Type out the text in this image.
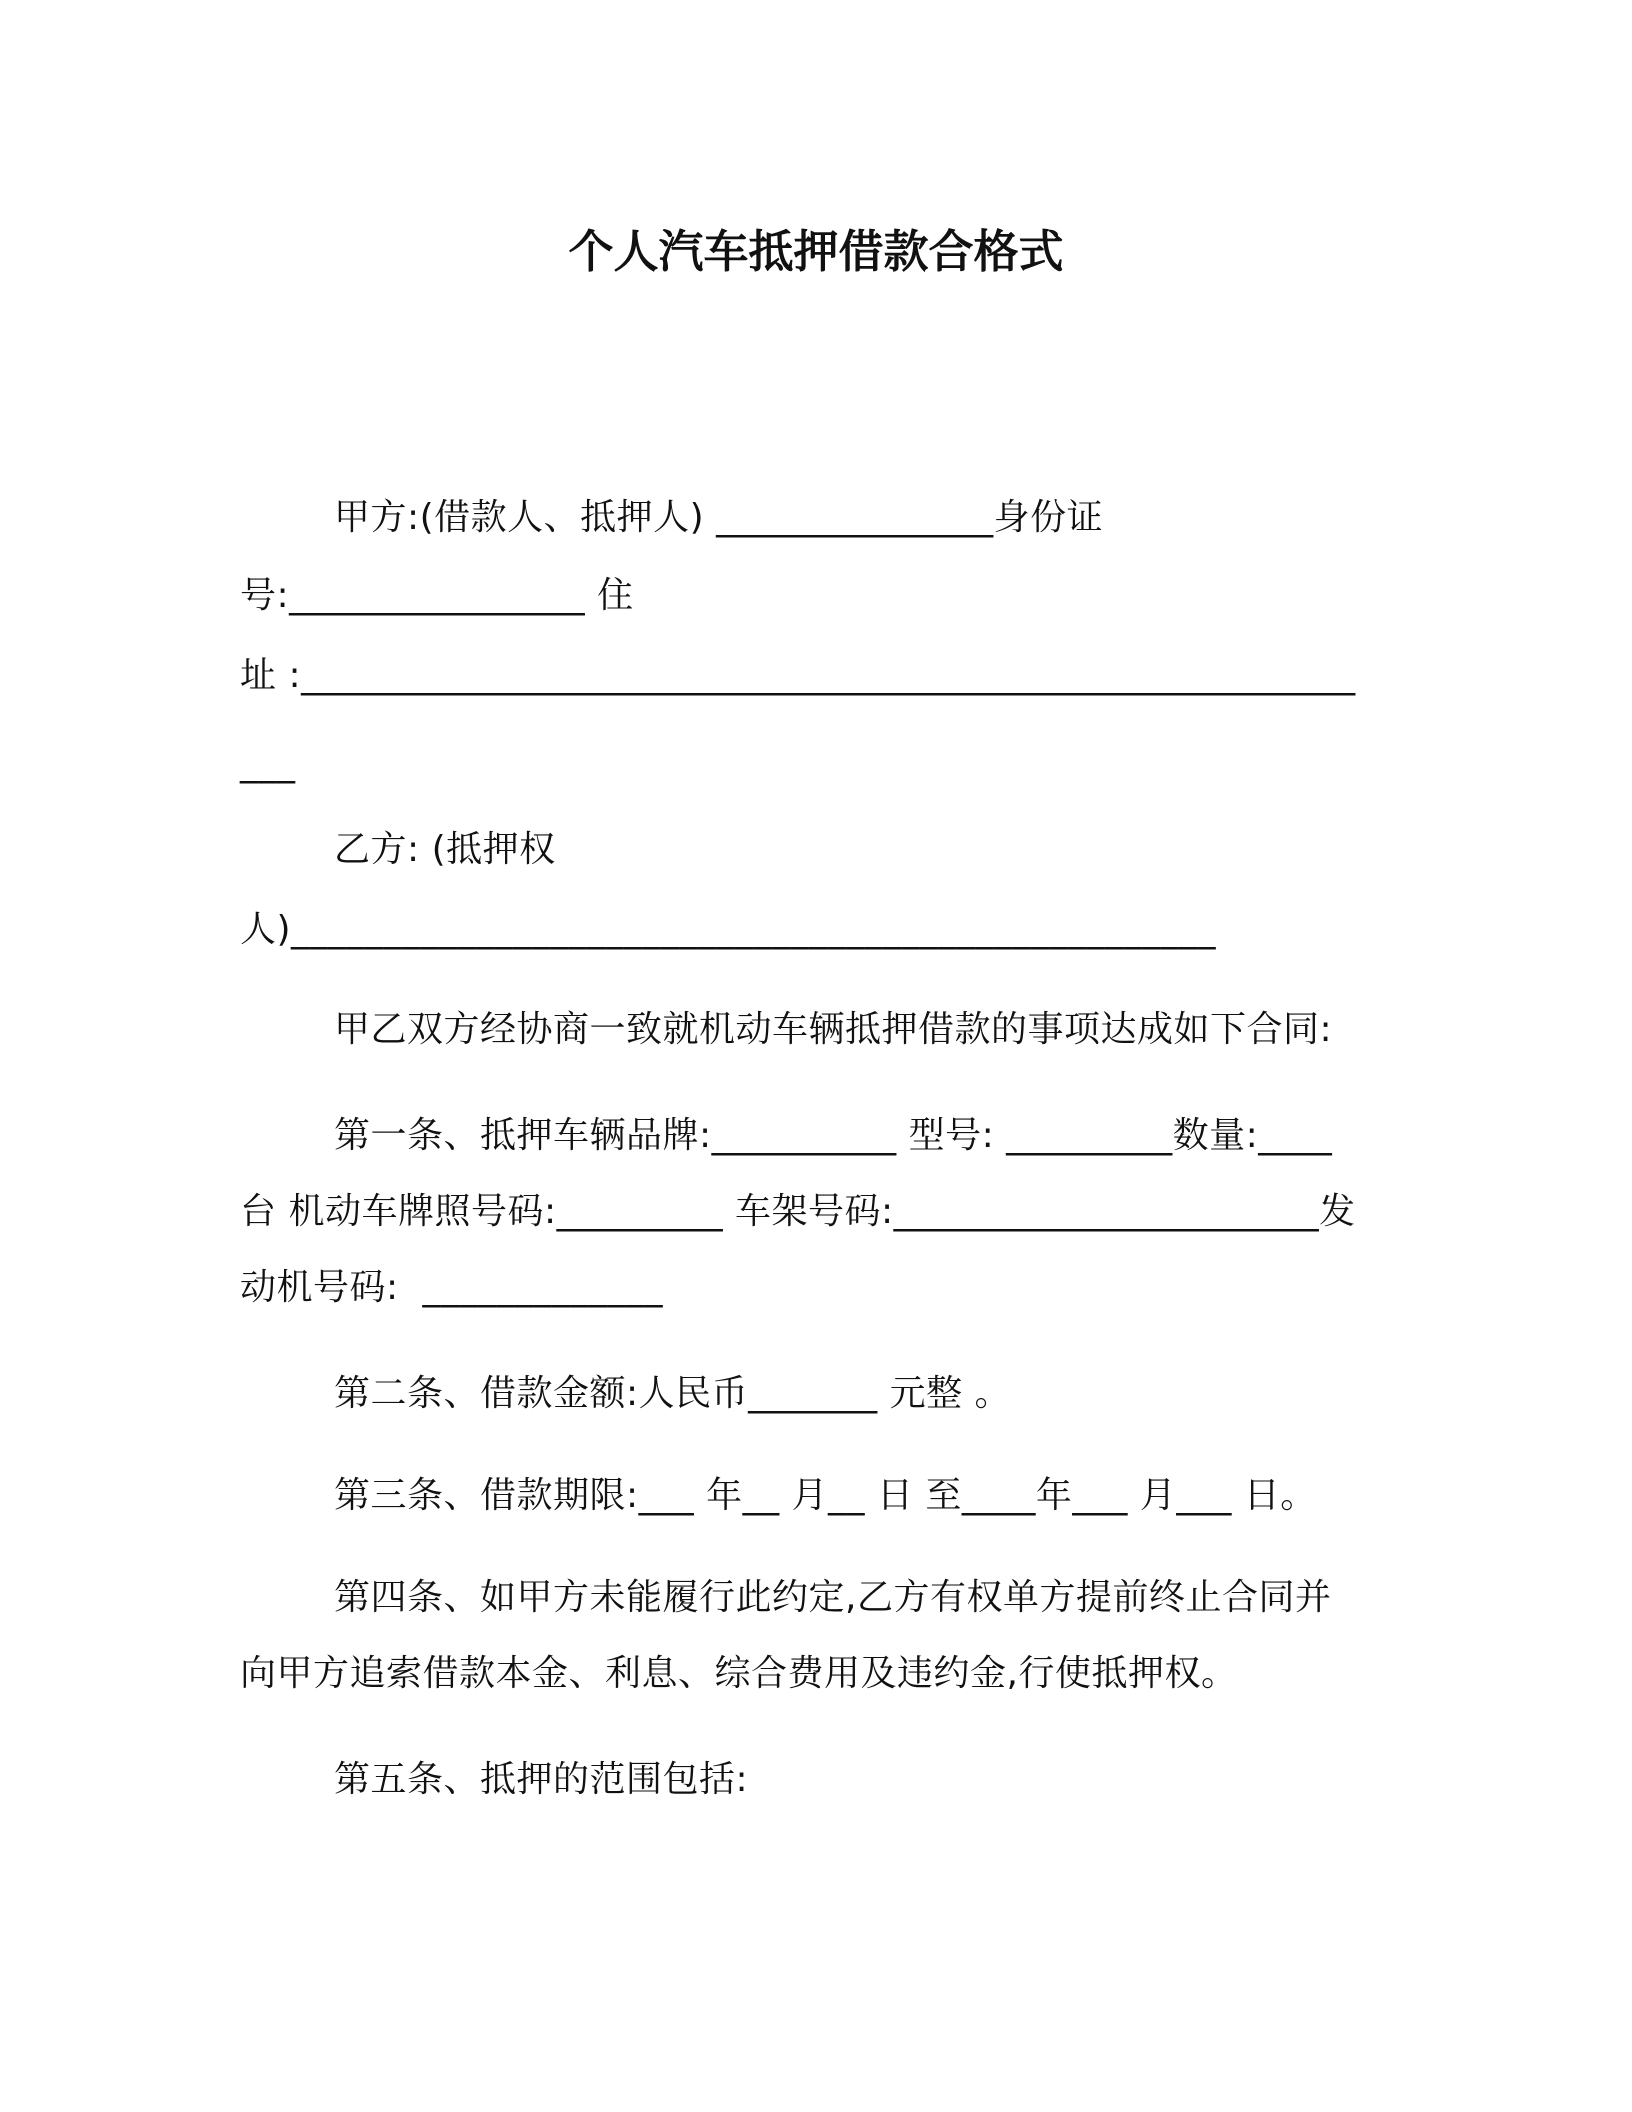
个人汽车抵押借款合格式
甲方:(借款人、抵押人) _______________身份证
号:________________ 住
址 :_________________________________________________________
___
乙方: (抵押权
人)__________________________________________________
甲乙双方经协商一致就机动车辆抵押借款的事项达成如下合同:
第一条、抵押车辆品牌:__________ 型号: _________数量:____
台 机动车牌照号码:_________ 车架号码:_______________________发
动机号码:  _____________
第二条、借款金额:人民币_______ 元整 。
第三条、借款期限:___ 年__ 月__ 日 至____年___ 月___ 日。
第四条、如甲方未能履行此约定,乙方有权单方提前终止合同并
向甲方追索借款本金、利息、综合费用及违约金,行使抵押权。
第五条、抵押的范围包括:
